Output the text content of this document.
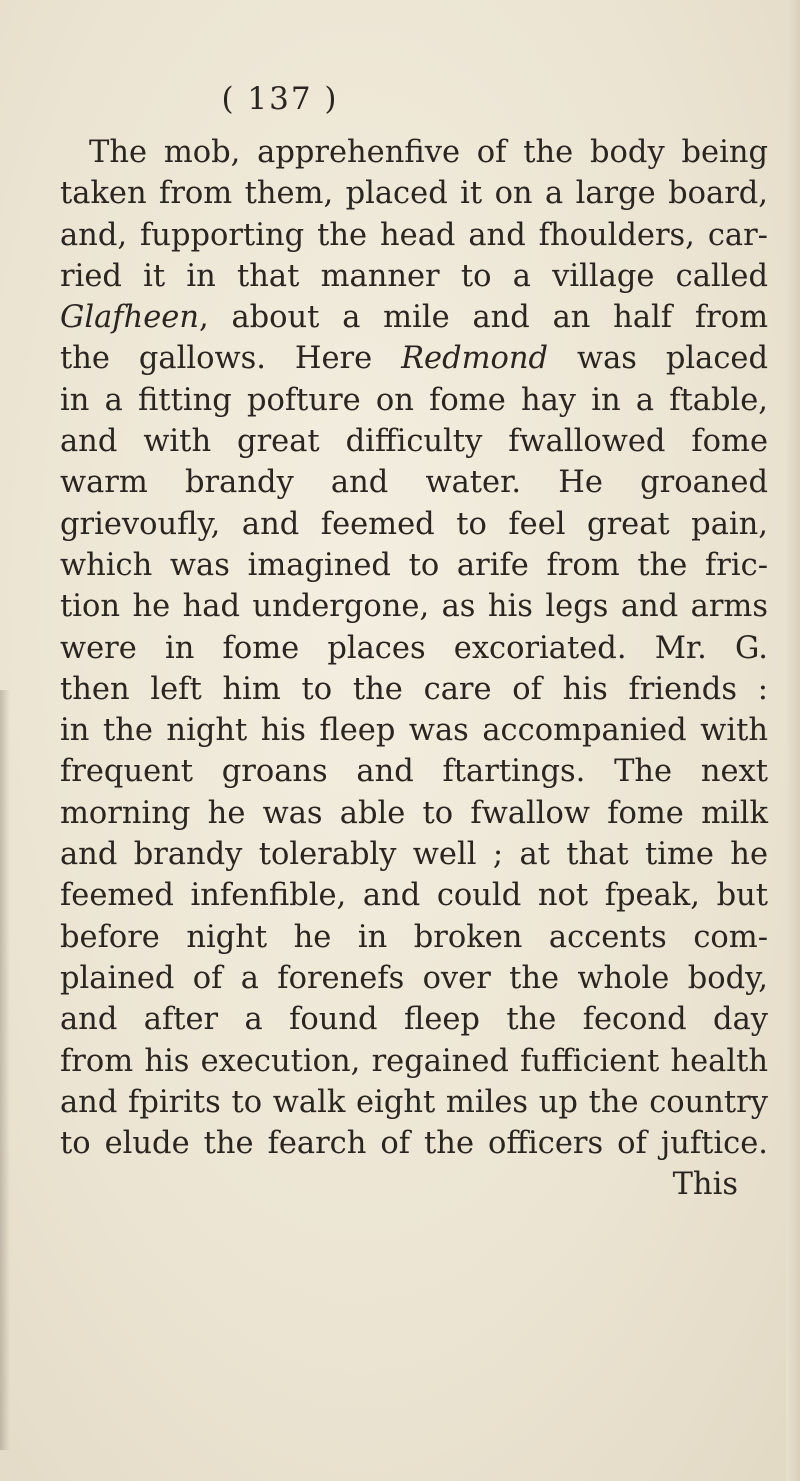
( 137 )
The mob, apprehenfive of the body being
taken from them, placed it on a large board,
and, fupporting the head and fhoulders, car-
ried it in that manner to a village called
Glafheen, about a mile and an half from
the gallows. Here Redmond was placed
in a fitting pofture on fome hay in a ftable,
and with great difficulty fwallowed fome
warm brandy and water. He groaned
grievoufly, and feemed to feel great pain,
which was imagined to arife from the fric-
tion he had undergone, as his legs and arms
were in fome places excoriated. Mr. G.
then left him to the care of his friends :
in the night his fleep was accompanied with
frequent groans and ftartings. The next
morning he was able to fwallow fome milk
and brandy tolerably well ; at that time he
feemed infenfible, and could not fpeak, but
before night he in broken accents com-
plained of a forenefs over the whole body,
and after a found fleep the fecond day
from his execution, regained fufficient health
and fpirits to walk eight miles up the country
to elude the fearch of the officers of juftice.
This
